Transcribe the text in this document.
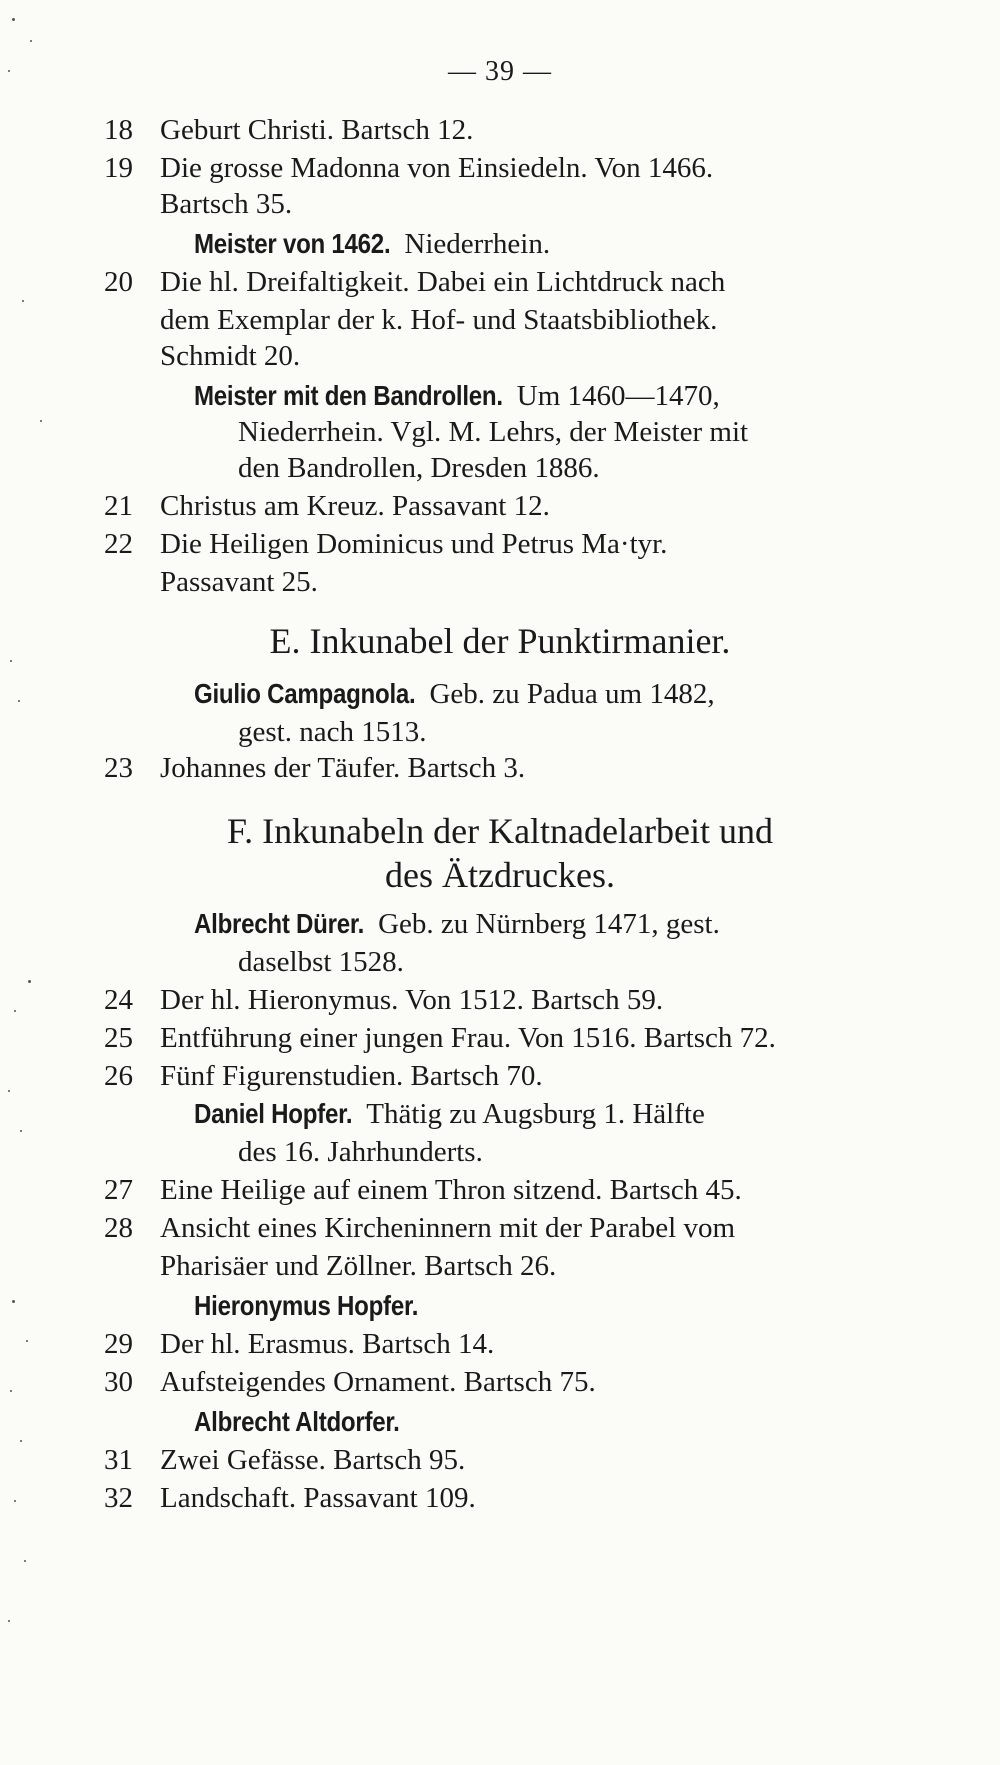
— 39 —
18 Geburt Christi. Bartsch 12.
19 Die grosse Madonna von Einsiedeln. Von 1466.
Bartsch 35.
Meister von 1462. Niederrhein.
20 Die hl. Dreifaltigkeit. Dabei ein Lichtdruck nach
dem Exemplar der k. Hof- und Staatsbibliothek.
Schmidt 20.
Meister mit den Bandrollen. Um 1460—1470,
Niederrhein. Vgl. M. Lehrs, der Meister mit
den Bandrollen, Dresden 1886.
21 Christus am Kreuz. Passavant 12.
22 Die Heiligen Dominicus und Petrus Ma·tyr.
Passavant 25.
E. Inkunabel der Punktirmanier.
Giulio Campagnola. Geb. zu Padua um 1482,
gest. nach 1513.
23 Johannes der Täufer. Bartsch 3.
F. Inkunabeln der Kaltnadelarbeit und
des Ätzdruckes.
Albrecht Dürer. Geb. zu Nürnberg 1471, gest.
daselbst 1528.
24 Der hl. Hieronymus. Von 1512. Bartsch 59.
25 Entführung einer jungen Frau. Von 1516. Bartsch 72.
26 Fünf Figurenstudien. Bartsch 70.
Daniel Hopfer. Thätig zu Augsburg 1. Hälfte
des 16. Jahrhunderts.
27 Eine Heilige auf einem Thron sitzend. Bartsch 45.
28 Ansicht eines Kircheninnern mit der Parabel vom
Pharisäer und Zöllner. Bartsch 26.
Hieronymus Hopfer.
29 Der hl. Erasmus. Bartsch 14.
30 Aufsteigendes Ornament. Bartsch 75.
Albrecht Altdorfer.
31 Zwei Gefässe. Bartsch 95.
32 Landschaft. Passavant 109.
